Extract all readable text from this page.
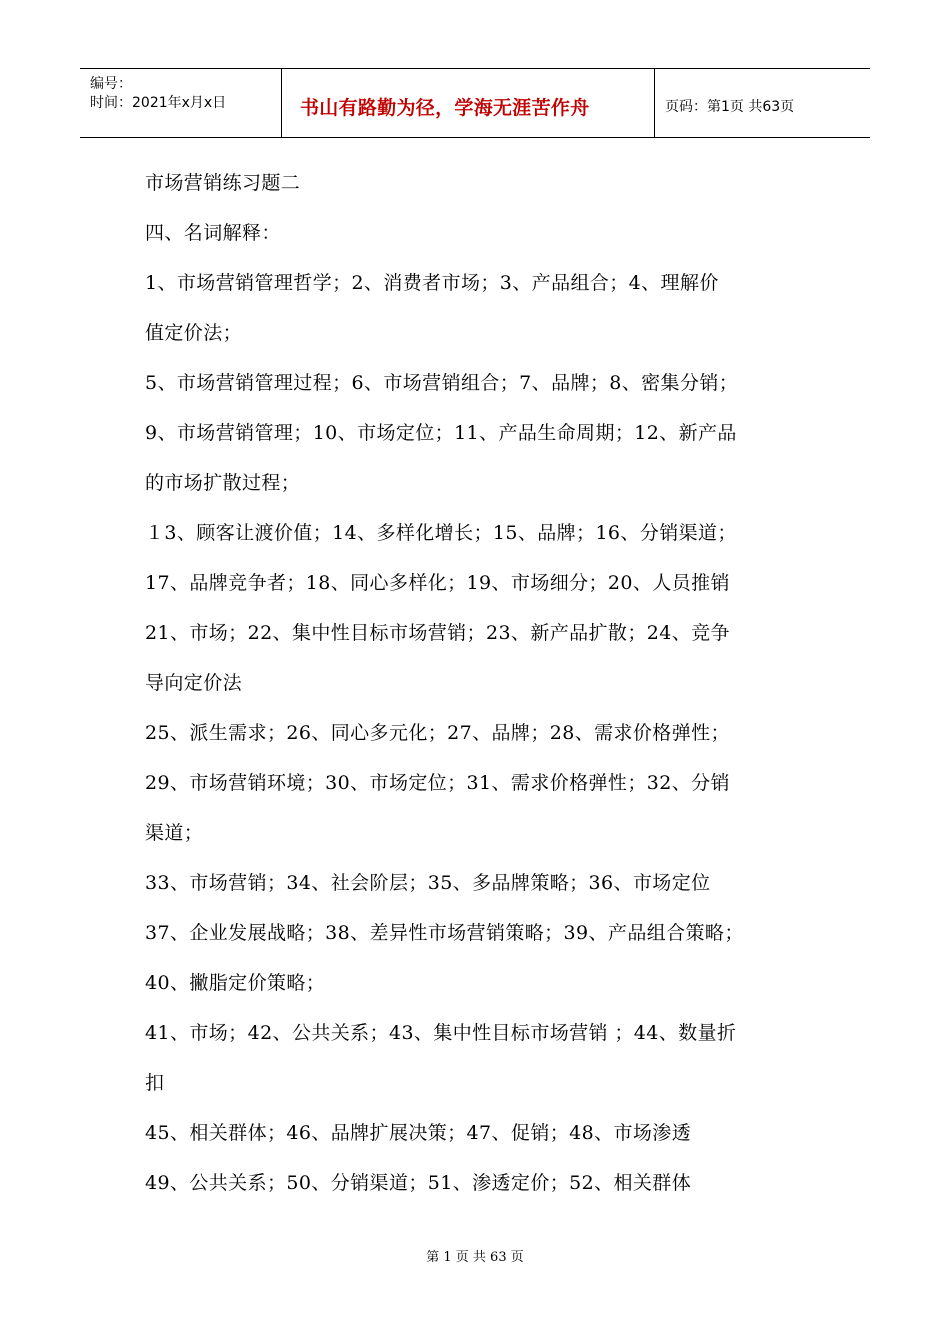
编号：
时间：2021年x月x日	书山有路勤为径，学海无涯苦作舟	页码：第1页 共63页
市场营销练习题二
四、名词解释：
1、市场营销管理哲学；2、消费者市场；3、产品组合；4、理解价
值定价法；
5、市场营销管理过程；6、市场营销组合；7、品牌；8、密集分销；
9、市场营销管理；10、市场定位；11、产品生命周期；12、新产品
的市场扩散过程；
１3、顾客让渡价值；14、多样化增长；15、品牌；16、分销渠道；
17、品牌竞争者；18、同心多样化；19、市场细分；20、人员推销
21、市场；22、集中性目标市场营销；23、新产品扩散；24、竞争
导向定价法
25、派生需求；26、同心多元化；27、品牌；28、需求价格弹性；
29、市场营销环境；30、市场定位；31、需求价格弹性；32、分销
渠道；
33、市场营销；34、社会阶层；35、多品牌策略；36、市场定位
37、企业发展战略；38、差异性市场营销策略；39、产品组合策略；
40、撇脂定价策略；
41、市场；42、公共关系；43、集中性目标市场营销 ；44、数量折
扣
45、相关群体；46、品牌扩展决策；47、促销；48、市场渗透
49、公共关系；50、分销渠道；51、渗透定价；52、相关群体
第 1 页 共 63 页
